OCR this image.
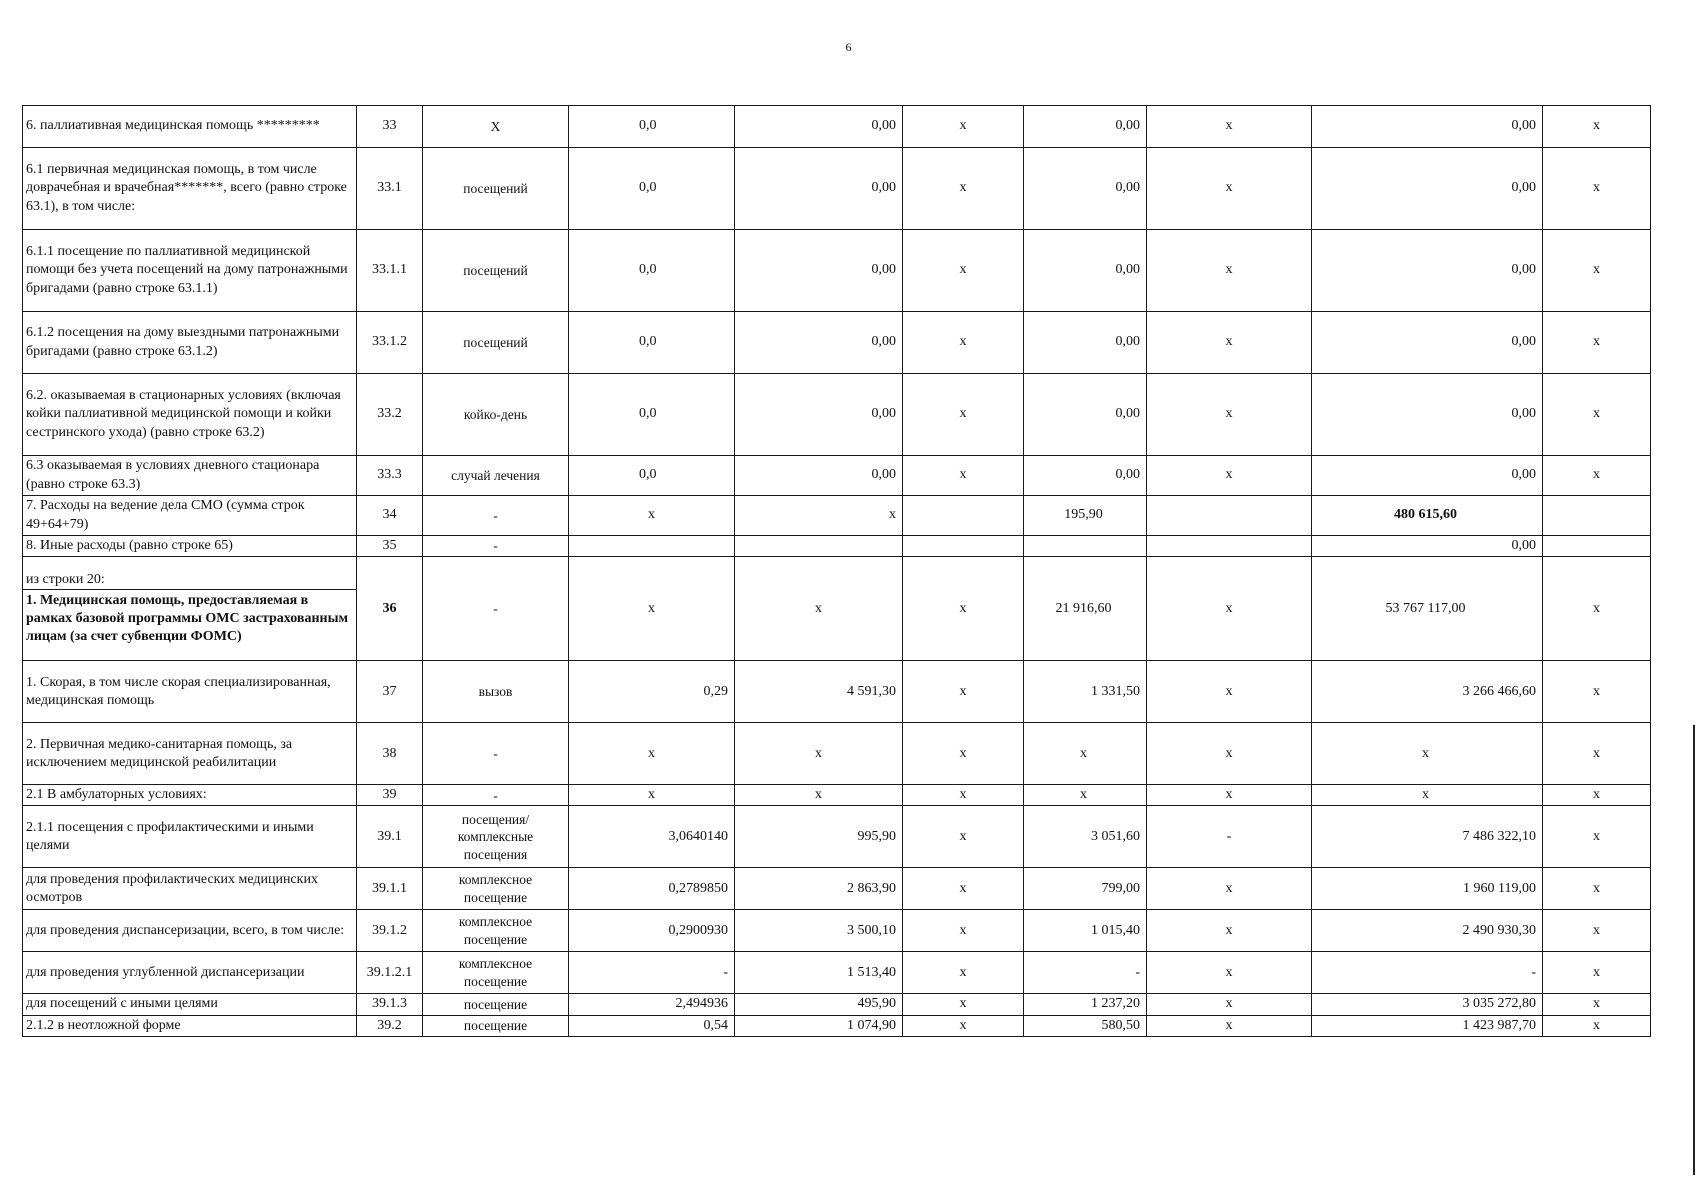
6
6. паллиативная медицинская помощь *********	33	X	0,0	0,00	x	0,00	x	0,00	x
6.1 первичная медицинская помощь, в том числе доврачебная и врачебная*******, всего (равно строке 63.1), в том числе:	33.1	посещений	0,0	0,00	x	0,00	x	0,00	x
6.1.1 посещение по паллиативной медицинской помощи без учета посещений на дому патронажными бригадами (равно строке 63.1.1)	33.1.1	посещений	0,0	0,00	x	0,00	x	0,00	x
6.1.2 посещения на дому выездными патронажными бригадами (равно строке 63.1.2)	33.1.2	посещений	0,0	0,00	x	0,00	x	0,00	x
6.2. оказываемая в стационарных условиях (включая койки паллиативной медицинской помощи и койки сестринского ухода) (равно строке 63.2)	33.2	койко-день	0,0	0,00	x	0,00	x	0,00	x
6.3 оказываемая в условиях дневного стационара (равно строке 63.3)	33.3	случай лечения	0,0	0,00	x	0,00	x	0,00	x
7. Расходы на ведение дела СМО (сумма строк 49+64+79)	34	-	x	x		195,90		480 615,60	
8. Иные расходы (равно строке 65)	35	-						0,00	

из строки 20:
1. Медицинская помощь, предоставляемая в рамках базовой программы ОМС застрахованным лицам (за счет субвенции ФОМС)	36	-	x	x	x	21 916,60	x	53 767 117,00	x
1. Скорая, в том числе скорая специализированная, медицинская помощь	37	вызов	0,29	4 591,30	x	1 331,50	x	3 266 466,60	x
2. Первичная медико-санитарная помощь, за исключением медицинской реабилитации	38	-	x	x	x	x	x	x	x
2.1 В амбулаторных условиях:	39	-	x	x	x	x	x	x	x
2.1.1 посещения с профилактическими и иными целями	39.1	посещения/комплексные посещения	3,0640140	995,90	x	3 051,60	-	7 486 322,10	x
для проведения профилактических медицинских осмотров	39.1.1	комплексное посещение	0,2789850	2 863,90	x	799,00	x	1 960 119,00	x
для проведения диспансеризации, всего, в том числе:	39.1.2	комплексное посещение	0,2900930	3 500,10	x	1 015,40	x	2 490 930,30	x
для проведения углубленной диспансеризации	39.1.2.1	комплексное посещение	-	1 513,40	x	-	x	-	x
для посещений с иными целями	39.1.3	посещение	2,494936	495,90	x	1 237,20	x	3 035 272,80	x
2.1.2 в неотложной форме	39.2	посещение	0,54	1 074,90	x	580,50	x	1 423 987,70	x
